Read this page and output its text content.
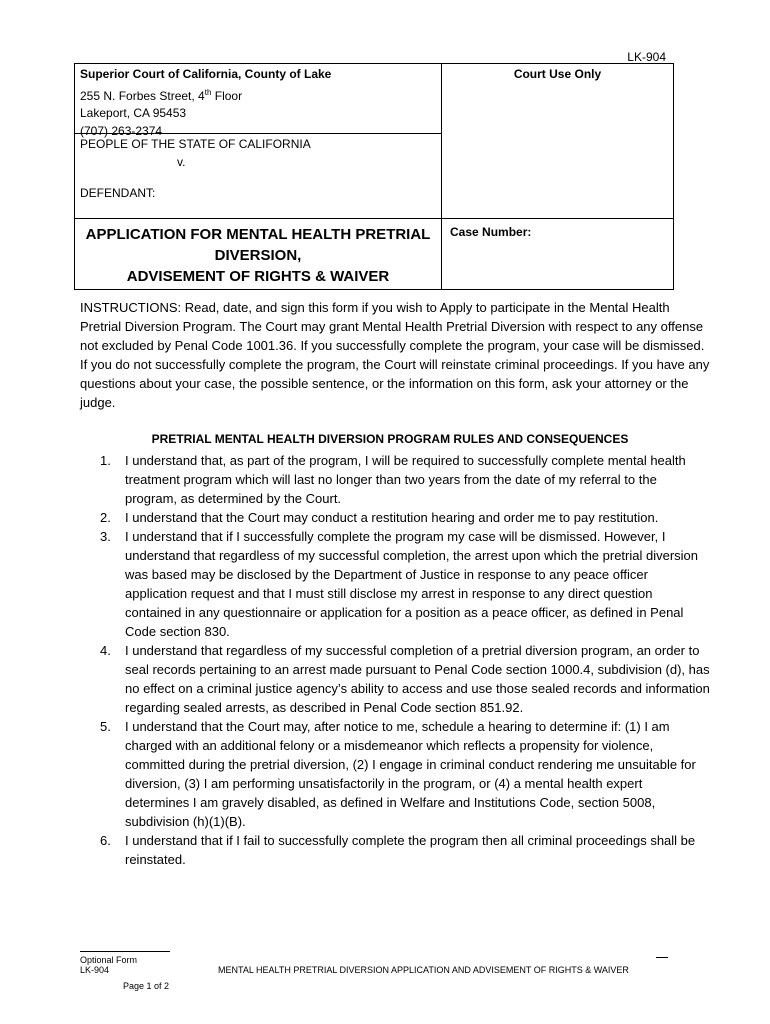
LK-904
Superior Court of California, County of Lake
255 N. Forbes Street, 4th Floor
Lakeport, CA 95453
(707) 263-2374
PEOPLE OF THE STATE OF CALIFORNIA
v.
DEFENDANT:
APPLICATION FOR MENTAL HEALTH PRETRIAL
DIVERSION,
ADVISEMENT OF RIGHTS & WAIVER
Court Use Only
Case Number:
INSTRUCTIONS: Read, date, and sign this form if you wish to Apply to participate in the Mental Health Pretrial Diversion Program. The Court may grant Mental Health Pretrial Diversion with respect to any offense not excluded by Penal Code 1001.36. If you successfully complete the program, your case will be dismissed. If you do not successfully complete the program, the Court will reinstate criminal proceedings. If you have any questions about your case, the possible sentence, or the information on this form, ask your attorney or the judge.
PRETRIAL MENTAL HEALTH DIVERSION PROGRAM RULES AND CONSEQUENCES
1. I understand that, as part of the program, I will be required to successfully complete mental health treatment program which will last no longer than two years from the date of my referral to the program, as determined by the Court.
2. I understand that the Court may conduct a restitution hearing and order me to pay restitution.
3. I understand that if I successfully complete the program my case will be dismissed. However, I understand that regardless of my successful completion, the arrest upon which the pretrial diversion was based may be disclosed by the Department of Justice in response to any peace officer application request and that I must still disclose my arrest in response to any direct question contained in any questionnaire or application for a position as a peace officer, as defined in Penal Code section 830.
4. I understand that regardless of my successful completion of a pretrial diversion program, an order to seal records pertaining to an arrest made pursuant to Penal Code section 1000.4, subdivision (d), has no effect on a criminal justice agency’s ability to access and use those sealed records and information regarding sealed arrests, as described in Penal Code section 851.92.
5. I understand that the Court may, after notice to me, schedule a hearing to determine if: (1) I am charged with an additional felony or a misdemeanor which reflects a propensity for violence, committed during the pretrial diversion, (2) I engage in criminal conduct rendering me unsuitable for diversion, (3) I am performing unsatisfactorily in the program, or (4) a mental health expert determines I am gravely disabled, as defined in Welfare and Institutions Code, section 5008, subdivision (h)(1)(B).
6. I understand that if I fail to successfully complete the program then all criminal proceedings shall be reinstated.
Optional Form
LK-904	MENTAL HEALTH PRETRIAL DIVERSION APPLICATION AND ADVISEMENT OF RIGHTS & WAIVER
Page 1 of 2
